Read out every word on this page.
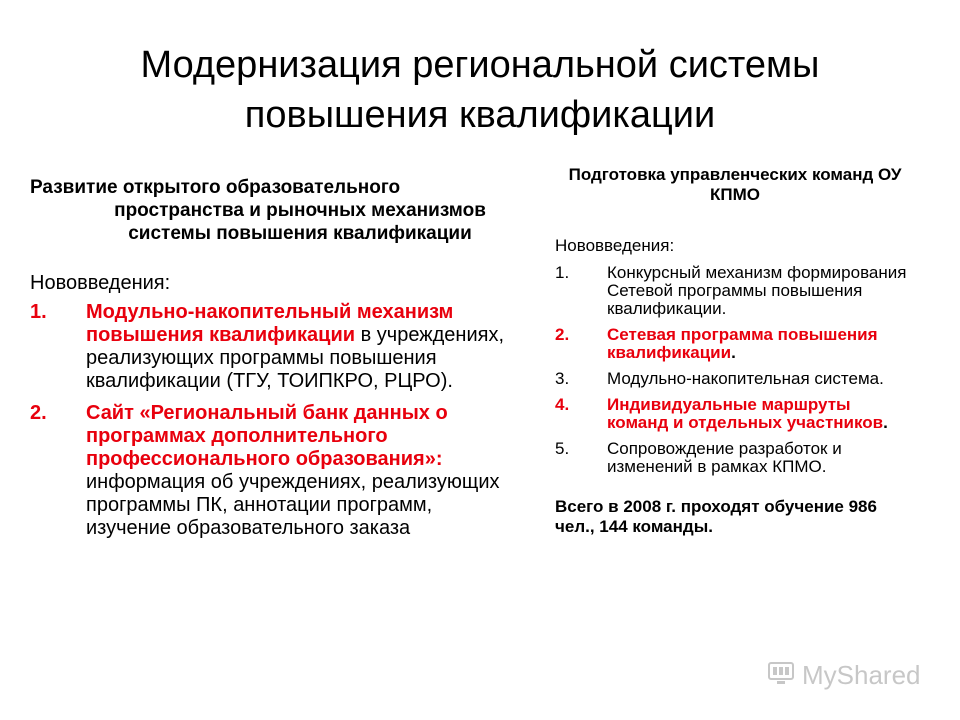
Модернизация региональной системы
повышения квалификации
Развитие открытого образовательного
пространства и рыночных механизмов системы повышения квалификации
Нововведения:
1. Модульно-накопительный механизм повышения квалификации в учреждениях, реализующих программы повышения квалификации (ТГУ, ТОИПКРО, РЦРО).
2. Сайт «Региональный банк данных о программах дополнительного профессионального образования»: информация об учреждениях, реализующих программы ПК, аннотации программ, изучение образовательного заказа
Подготовка управленческих команд ОУ КПМО
Нововведения:
1. Конкурсный механизм формирования Сетевой программы повышения квалификации.
2. Сетевая программа повышения квалификации.
3. Модульно-накопительная система.
4. Индивидуальные маршруты команд и отдельных участников.
5. Сопровождение разработок и изменений в рамках КПМО.
Всего в 2008 г. проходят обучение 986 чел., 144 команды.
MyShared
